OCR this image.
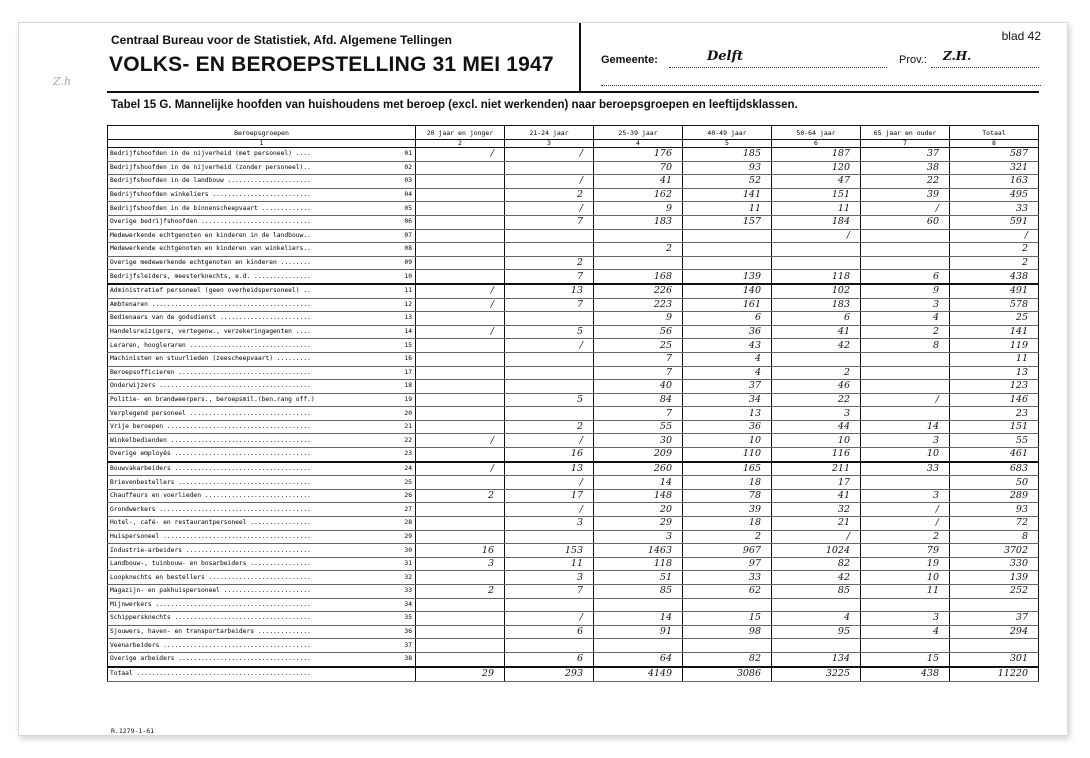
Centraal Bureau voor de Statistiek, Afd. Algemene Tellingen
VOLKS- EN BEROEPSTELLING 31 MEI 1947
blad 42
Gemeente:	Delft	Prov.: Z.H.
Tabel 15 G. Mannelijke hoofden van huishoudens met beroep (excl. niet werkenden) naar beroepsgroepen en leeftijdsklassen.
Beroepsgroepen	20 jaar en jonger	21-24 jaar	25-39 jaar	40-49 jaar	50-64 jaar	65 jaar en ouder	Totaal
1	2	3	4	5	6	7	8
Bedrijfshoofden in de nijverheid (met personeel) .... 01	/	/	176	185	187	37	587
Bedrijfshoofden in de nijverheid (zonder personeel).. 02			70	93	120	38	321
Bedrijfshoofden in de landbouw ...................... 03		/	41	52	47	22	163
Bedrijfshoofden winkeliers .......................... 04		2	162	141	151	39	495
Bedrijfshoofden in de binnenscheepvaart ............. 05		/	9	11	11	/	33
Overige bedrijfshoofden ............................. 06		7	183	157	184	60	591
Medewerkende echtgenoten en kinderen in de landbouw.. 07					/		/
Medewerkende echtgenoten en kinderen van winkeliers.. 08			2				2
Overige medewerkende echtgenoten en kinderen ........ 09		2					2
Bedrijfsleiders, meesterknechts, e.d. ............... 10		7	168	139	118	6	438
Administratief personeel (geen overheidspersoneel) .. 11	/	13	226	140	102	9	491
Ambtenaren .......................................... 12	/	7	223	161	183	3	578
Bedienaars van de godsdienst ........................ 13			9	6	6	4	25
Handelsreizigers, vertegenw., verzekeringagenten .... 14	/	5	56	36	41	2	141
Leraren, hoogleraren ................................ 15		/	25	43	42	8	119
Machinisten en stuurlieden (zeescheepvaart) ......... 16			7	4			11
Beroepsofficieren ................................... 17			7	4	2		13
Onderwijzers ........................................ 18			40	37	46		123
Politie- en brandweerpers., beroepsmil.(ben.rang off.) 19		5	84	34	22	/	146
Verplegend personeel ................................ 20			7	13	3		23
Vrije beroepen ...................................... 21		2	55	36	44	14	151
Winkelbedienden ..................................... 22	/	/	30	10	10	3	55
Overige employés .................................... 23		16	209	110	116	10	461
Bouwvakarbeiders .................................... 24	/	13	260	165	211	33	683
Brievenbestellers ................................... 25		/	14	18	17		50
Chauffeurs en voerlieden ............................ 26	2	17	148	78	41	3	289
Grondwerkers ........................................ 27		/	20	39	32	/	93
Hotel-, café- en restaurantpersoneel ................ 28		3	29	18	21	/	72
Huispersoneel ....................................... 29			3	2	/	2	8
Industrie-arbeiders ................................. 30	16	153	1463	967	1024	79	3702
Landbouw-, tuinbouw- en bosarbeiders ................ 31	3	11	118	97	82	19	330
Loopknechts en bestellers ........................... 32		3	51	33	42	10	139
Magazijn- en pakhuispersoneel ....................... 33	2	7	85	62	85	11	252
Mijnwerkers ......................................... 34							

Schippersknechts .................................... 35		/	14	15	4	3	37
Sjouwers, haven- en transportarbeiders .............. 36		6	91	98	95	4	294
Veenarbeiders ....................................... 37							

Overige arbeiders ................................... 38		6	64	82	134	15	301
Totaal ..............................................	29	293	4149	3086	3225	438	11220
R.1279-1-61
Z.h
